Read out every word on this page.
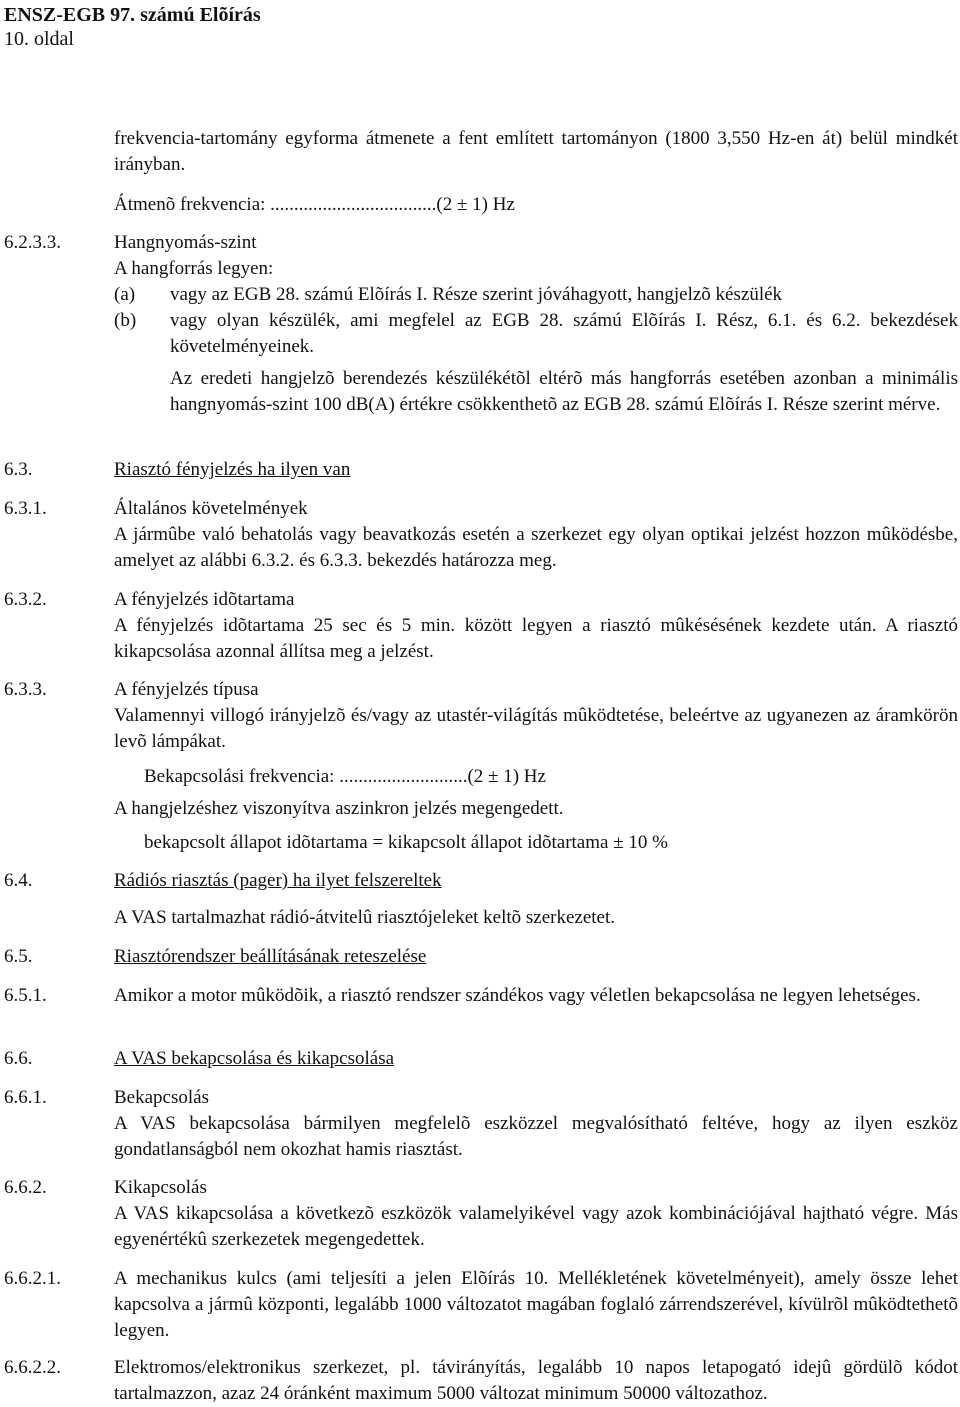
ENSZ-EGB 97. számú Elõírás
10. oldal
frekvencia-tartomány egyforma átmenete a fent említett tartományon (1800 3,550 Hz-en át) belül mindkét irányban.
Átmenõ frekvencia: ...................................(2 ± 1) Hz
6.2.3.3.	Hangnyomás-szint
A hangforrás legyen:
(a) vagy az EGB 28. számú Elõírás I. Része szerint jóváhagyott, hangjelzõ készülék
(b) vagy olyan készülék, ami megfelel az EGB 28. számú Elõírás I. Rész, 6.1. és 6.2. bekezdések követelményeinek.
Az eredeti hangjelzõ berendezés készülékétõl eltérõ más hangforrás esetében azonban a minimális hangnyomás-szint 100 dB(A) értékre csökkenthetõ az EGB 28. számú Elõírás I. Része szerint mérve.
6.3.	Riasztó fényjelzés ha ilyen van
6.3.1.	Általános követelmények
A jármûbe való behatolás vagy beavatkozás esetén a szerkezet egy olyan optikai jelzést hozzon mûködésbe, amelyet az alábbi 6.3.2. és 6.3.3. bekezdés határozza meg.
6.3.2.	A fényjelzés idõtartama
A fényjelzés idõtartama 25 sec és 5 min. között legyen a riasztó mûkésésének kezdete után. A riasztó kikapcsolása azonnal állítsa meg a jelzést.
6.3.3.	A fényjelzés típusa
Valamennyi villogó irányjelzõ és/vagy az utastér-világítás mûködtetése, beleértve az ugyanezen az áramkörön levõ lámpákat.
Bekapcsolási frekvencia: ...........................(2 ± 1) Hz
A hangjelzéshez viszonyítva aszinkron jelzés megengedett.
bekapcsolt állapot idõtartama = kikapcsolt állapot idõtartama ± 10 %
6.4.	Rádiós riasztás (pager) ha ilyet felszereltek
A VAS tartalmazhat rádió-átvitelû riasztójeleket keltõ szerkezetet.
6.5.	Riasztórendszer beállításának reteszelése
6.5.1.	Amikor a motor mûködõik, a riasztó rendszer szándékos vagy véletlen bekapcsolása ne legyen lehetséges.
6.6.	A VAS bekapcsolása és kikapcsolása
6.6.1.	Bekapcsolás
A VAS bekapcsolása bármilyen megfelelõ eszközzel megvalósítható feltéve, hogy az ilyen eszköz gondatlanságból nem okozhat hamis riasztást.
6.6.2.	Kikapcsolás
A VAS kikapcsolása a következõ eszközök valamelyikével vagy azok kombinációjával hajtható végre. Más egyenértékû szerkezetek megengedettek.
6.6.2.1.	A mechanikus kulcs (ami teljesíti a jelen Elõírás 10. Mellékletének követelményeit), amely össze lehet kapcsolva a jármû központi, legalább 1000 változatot magában foglaló zárrendszerével, kívülrõl mûködtethetõ legyen.
6.6.2.2.	Elektromos/elektronikus szerkezet, pl. távirányítás, legalább 10 napos letapogató idejû gördülõ kódot tartalmazzon, azaz 24 óránként maximum 5000 változat minimum 50000 változathoz.
